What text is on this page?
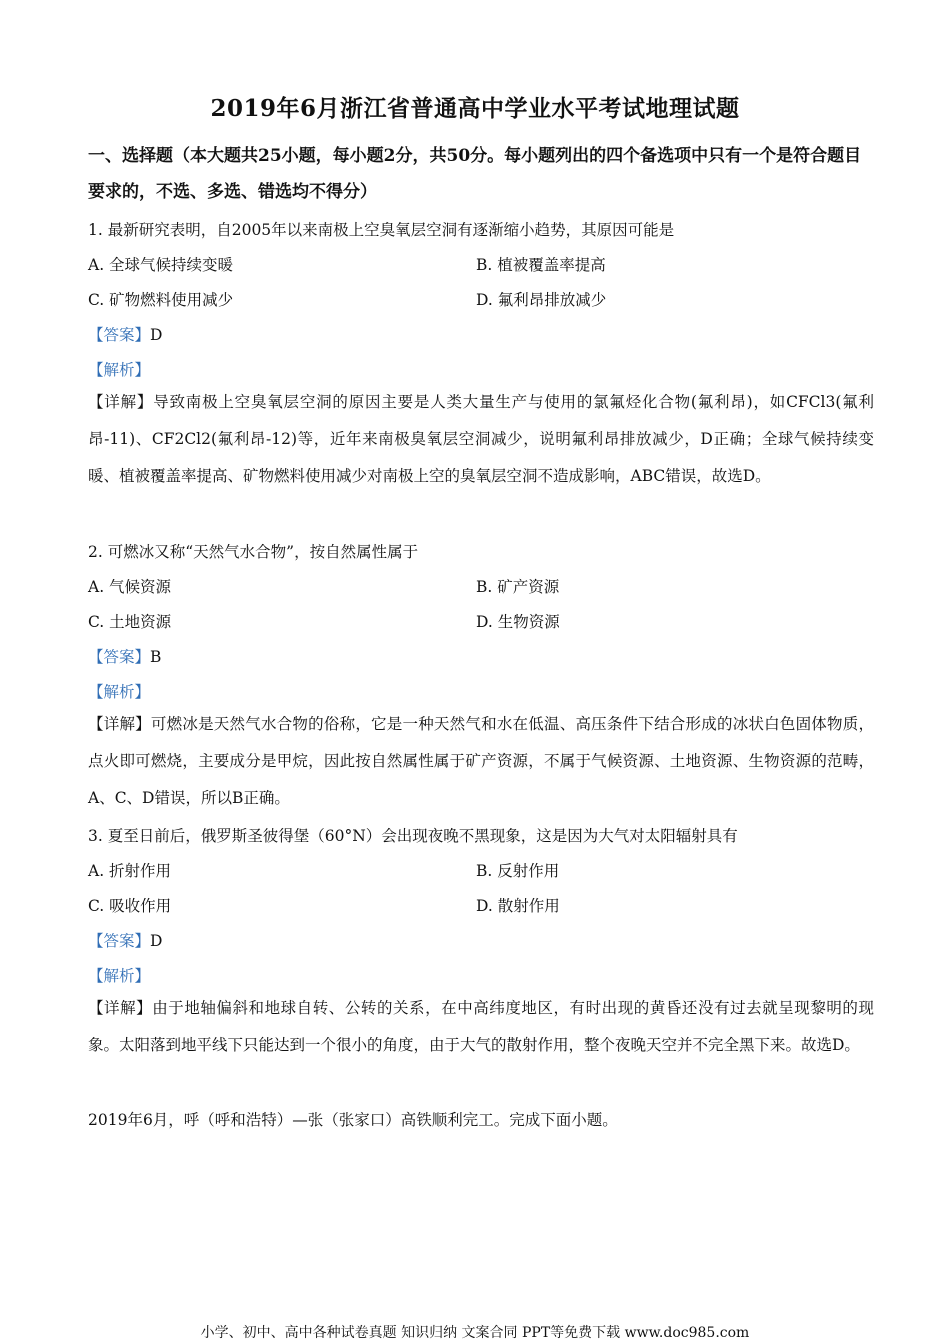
2019年6月浙江省普通高中学业水平考试地理试题
一、选择题（本大题共25小题，每小题2分，共50分。每小题列出的四个备选项中只有一个是符合题目要求的，不选、多选、错选均不得分）
1. 最新研究表明，自2005年以来南极上空臭氧层空洞有逐渐缩小趋势，其原因可能是
A. 全球气候持续变暖	B. 植被覆盖率提高
C. 矿物燃料使用减少	D. 氟利昂排放减少
【答案】D
【解析】
【详解】导致南极上空臭氧层空洞的原因主要是人类大量生产与使用的氯氟烃化合物(氟利昂)，如CFCl3(氟利昂-11)、CF2Cl2(氟利昂-12)等，近年来南极臭氧层空洞减少，说明氟利昂排放减少，D正确；全球气候持续变暖、植被覆盖率提高、矿物燃料使用减少对南极上空的臭氧层空洞不造成影响，ABC错误，故选D。
2. 可燃冰又称“天然气水合物”，按自然属性属于
A. 气候资源	B. 矿产资源
C. 土地资源	D. 生物资源
【答案】B
【解析】
【详解】可燃冰是天然气水合物的俗称，它是一种天然气和水在低温、高压条件下结合形成的冰状白色固体物质，点火即可燃烧，主要成分是甲烷，因此按自然属性属于矿产资源，不属于气候资源、土地资源、生物资源的范畴，A、C、D错误，所以B正确。
3. 夏至日前后，俄罗斯圣彼得堡（60°N）会出现夜晚不黑现象，这是因为大气对太阳辐射具有
A. 折射作用	B. 反射作用
C. 吸收作用	D. 散射作用
【答案】D
【解析】
【详解】由于地轴偏斜和地球自转、公转的关系，在中高纬度地区，有时出现的黄昏还没有过去就呈现黎明的现象。太阳落到地平线下只能达到一个很小的角度，由于大气的散射作用，整个夜晚天空并不完全黑下来。故选D。
2019年6月，呼（呼和浩特）—张（张家口）高铁顺利完工。完成下面小题。
小学、初中、高中各种试卷真题 知识归纳 文案合同 PPT等免费下载 www.doc985.com
